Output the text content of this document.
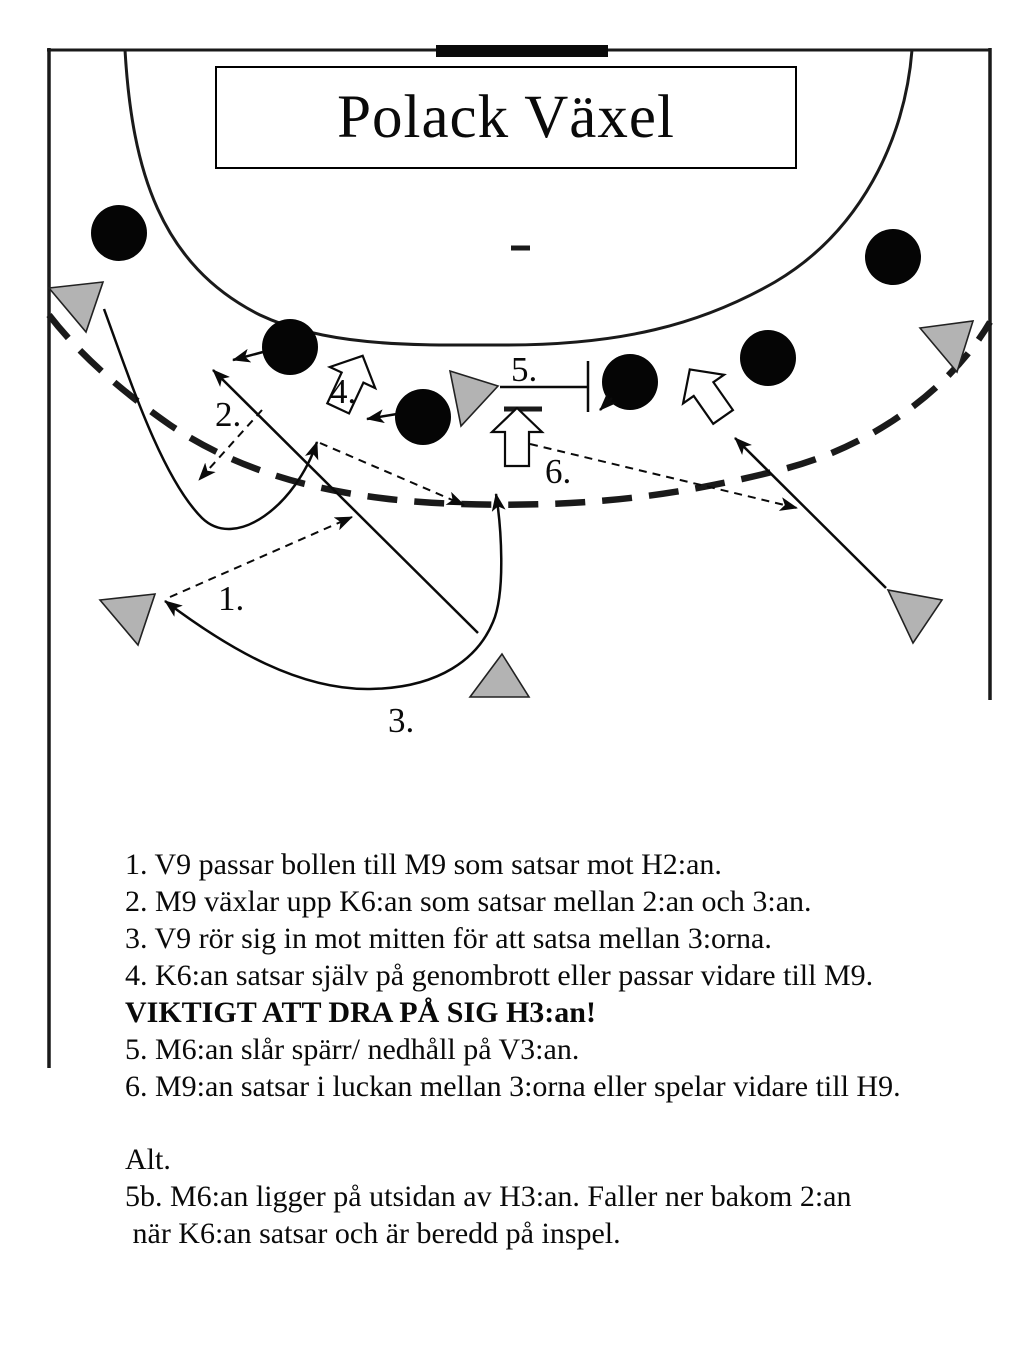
1.
2.
3.
4.
5.
6.
Polack Växel
1. V9 passar bollen till M9 som satsar mot H2:an.
2. M9 växlar upp K6:an som satsar mellan 2:an och 3:an.
3. V9 rör sig in mot mitten för att satsa mellan 3:orna.
4. K6:an satsar själv på genombrott eller passar vidare till M9.
VIKTIGT ATT DRA PÅ SIG H3:an!
5. M6:an slår spärr/ nedhåll på V3:an.
6. M9:an satsar i luckan mellan 3:orna eller spelar vidare till H9.
Alt.
5b. M6:an ligger på utsidan av H3:an. Faller ner bakom 2:an
när K6:an satsar och är beredd på inspel.
